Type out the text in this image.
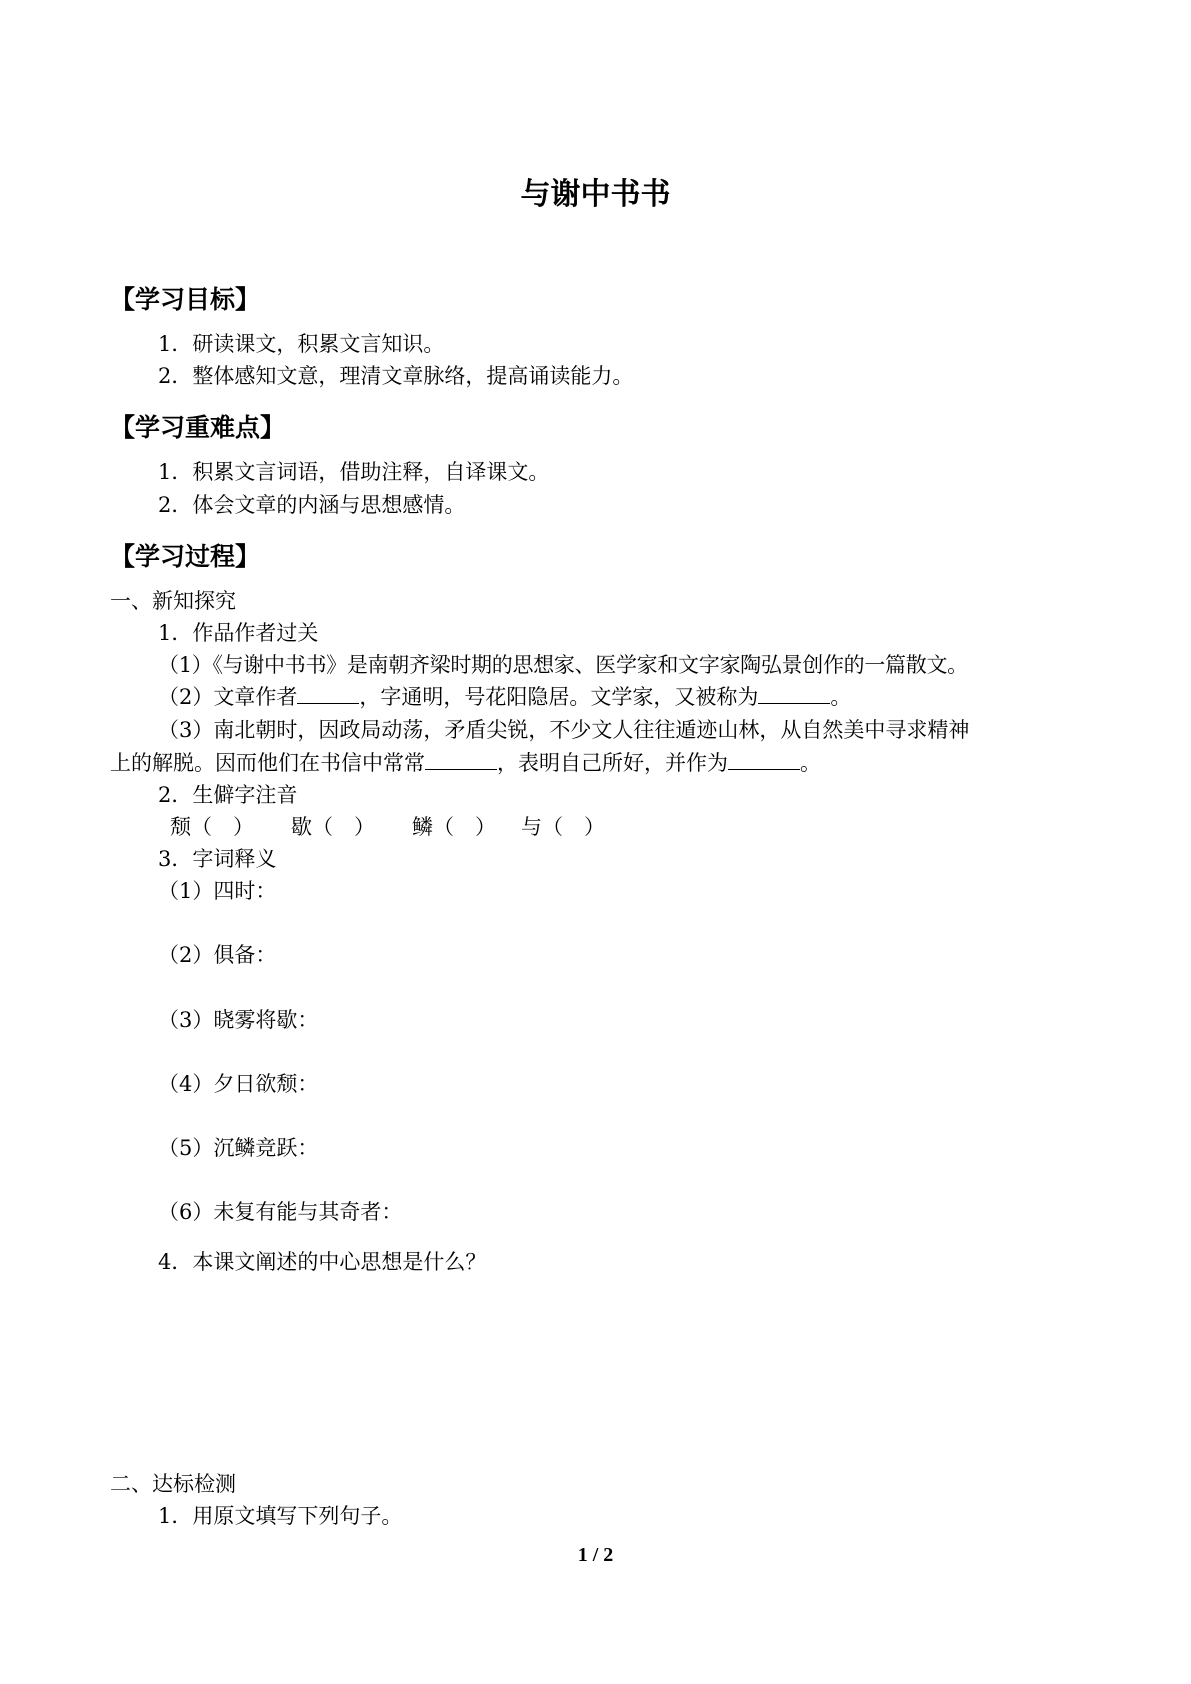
与谢中书书
【学习目标】
1．研读课文，积累文言知识。
2．整体感知文意，理清文章脉络，提高诵读能力。
【学习重难点】
1．积累文言词语，借助注释，自译课文。
2．体会文章的内涵与思想感情。
【学习过程】
一、新知探究
1．作品作者过关
（1）《与谢中书书》是南朝齐梁时期的思想家、医学家和文字家陶弘景创作的一篇散文。
（2）文章作者	，字通明，号花阳隐居。文学家，又被称为	。
（3）南北朝时，因政局动荡，矛盾尖锐，不少文人往往遁迹山林，从自然美中寻求精神
上的解脱。因而他们在书信中常常	，表明自己所好，并作为	。
2．生僻字注音
颓（　） 歇（　） 鳞（　） 与（　）
3．字词释义
（1）四时：
（2）俱备：
（3）晓雾将歇：
（4）夕日欲颓：
（5）沉鳞竞跃：
（6）未复有能与其奇者：
4．本课文阐述的中心思想是什么？
二、达标检测
1．用原文填写下列句子。
1 / 2
